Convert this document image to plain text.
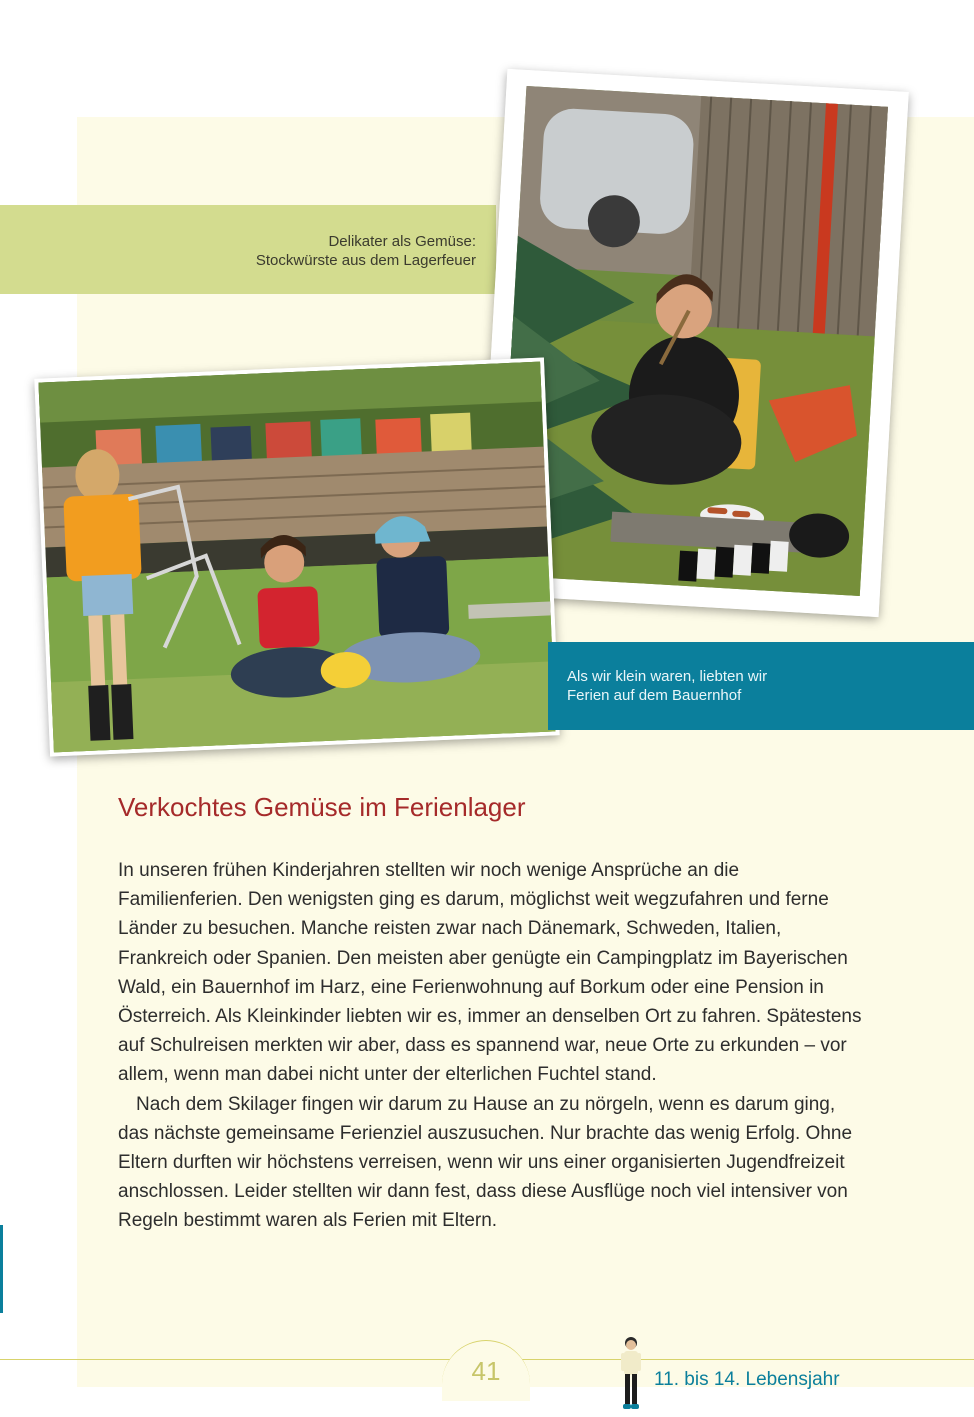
Delikater als Gemüse:
Stockwürste aus dem Lagerfeuer
Als wir klein waren, liebten wir
Ferien auf dem Bauernhof
Verkochtes Gemüse im Ferienlager

In unseren frühen Kinderjahren stellten wir noch wenige Ansprüche an die Familienferien. Den wenigsten ging es darum, möglichst weit wegzufahren und ferne Länder zu besuchen. Manche reisten zwar nach Dänemark, Schweden, Italien, Frankreich oder Spanien. Den meisten aber genügte ein Campingplatz im Bayerischen Wald, ein Bauernhof im Harz, eine Ferienwohnung auf Borkum oder eine Pension in Österreich. Als Kleinkinder liebten wir es, immer an denselben Ort zu fahren. Spätestens auf Schulreisen merkten wir aber, dass es spannend war, neue Orte zu erkunden – vor allem, wenn man dabei nicht unter der elterlichen Fuchtel stand.

Nach dem Skilager fingen wir darum zu Hause an zu nörgeln, wenn es darum ging, das nächste gemeinsame Ferienziel auszusuchen. Nur brachte das wenig Erfolg. Ohne Eltern durften wir höchstens verreisen, wenn wir uns einer organisierten Jugendfreizeit anschlossen. Leider stellten wir dann fest, dass diese Ausflüge noch viel intensiver von Regeln bestimmt waren als Ferien mit Eltern.

41	11. bis 14. Lebensjahr
